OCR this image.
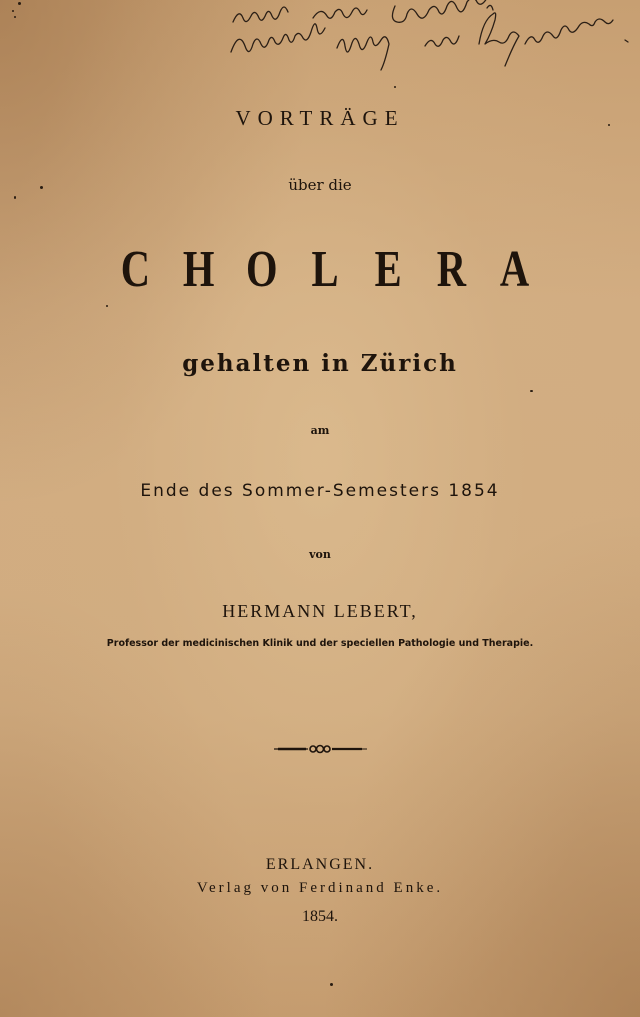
VORTRÄGE
über die
C H O L E R A
gehalten in Zürich
am
Ende des Sommer-Semesters 1854
von
HERMANN LEBERT,
Professor der medicinischen Klinik und der speciellen Pathologie und Therapie.
ERLANGEN.
Verlag von Ferdinand Enke.
1854.
